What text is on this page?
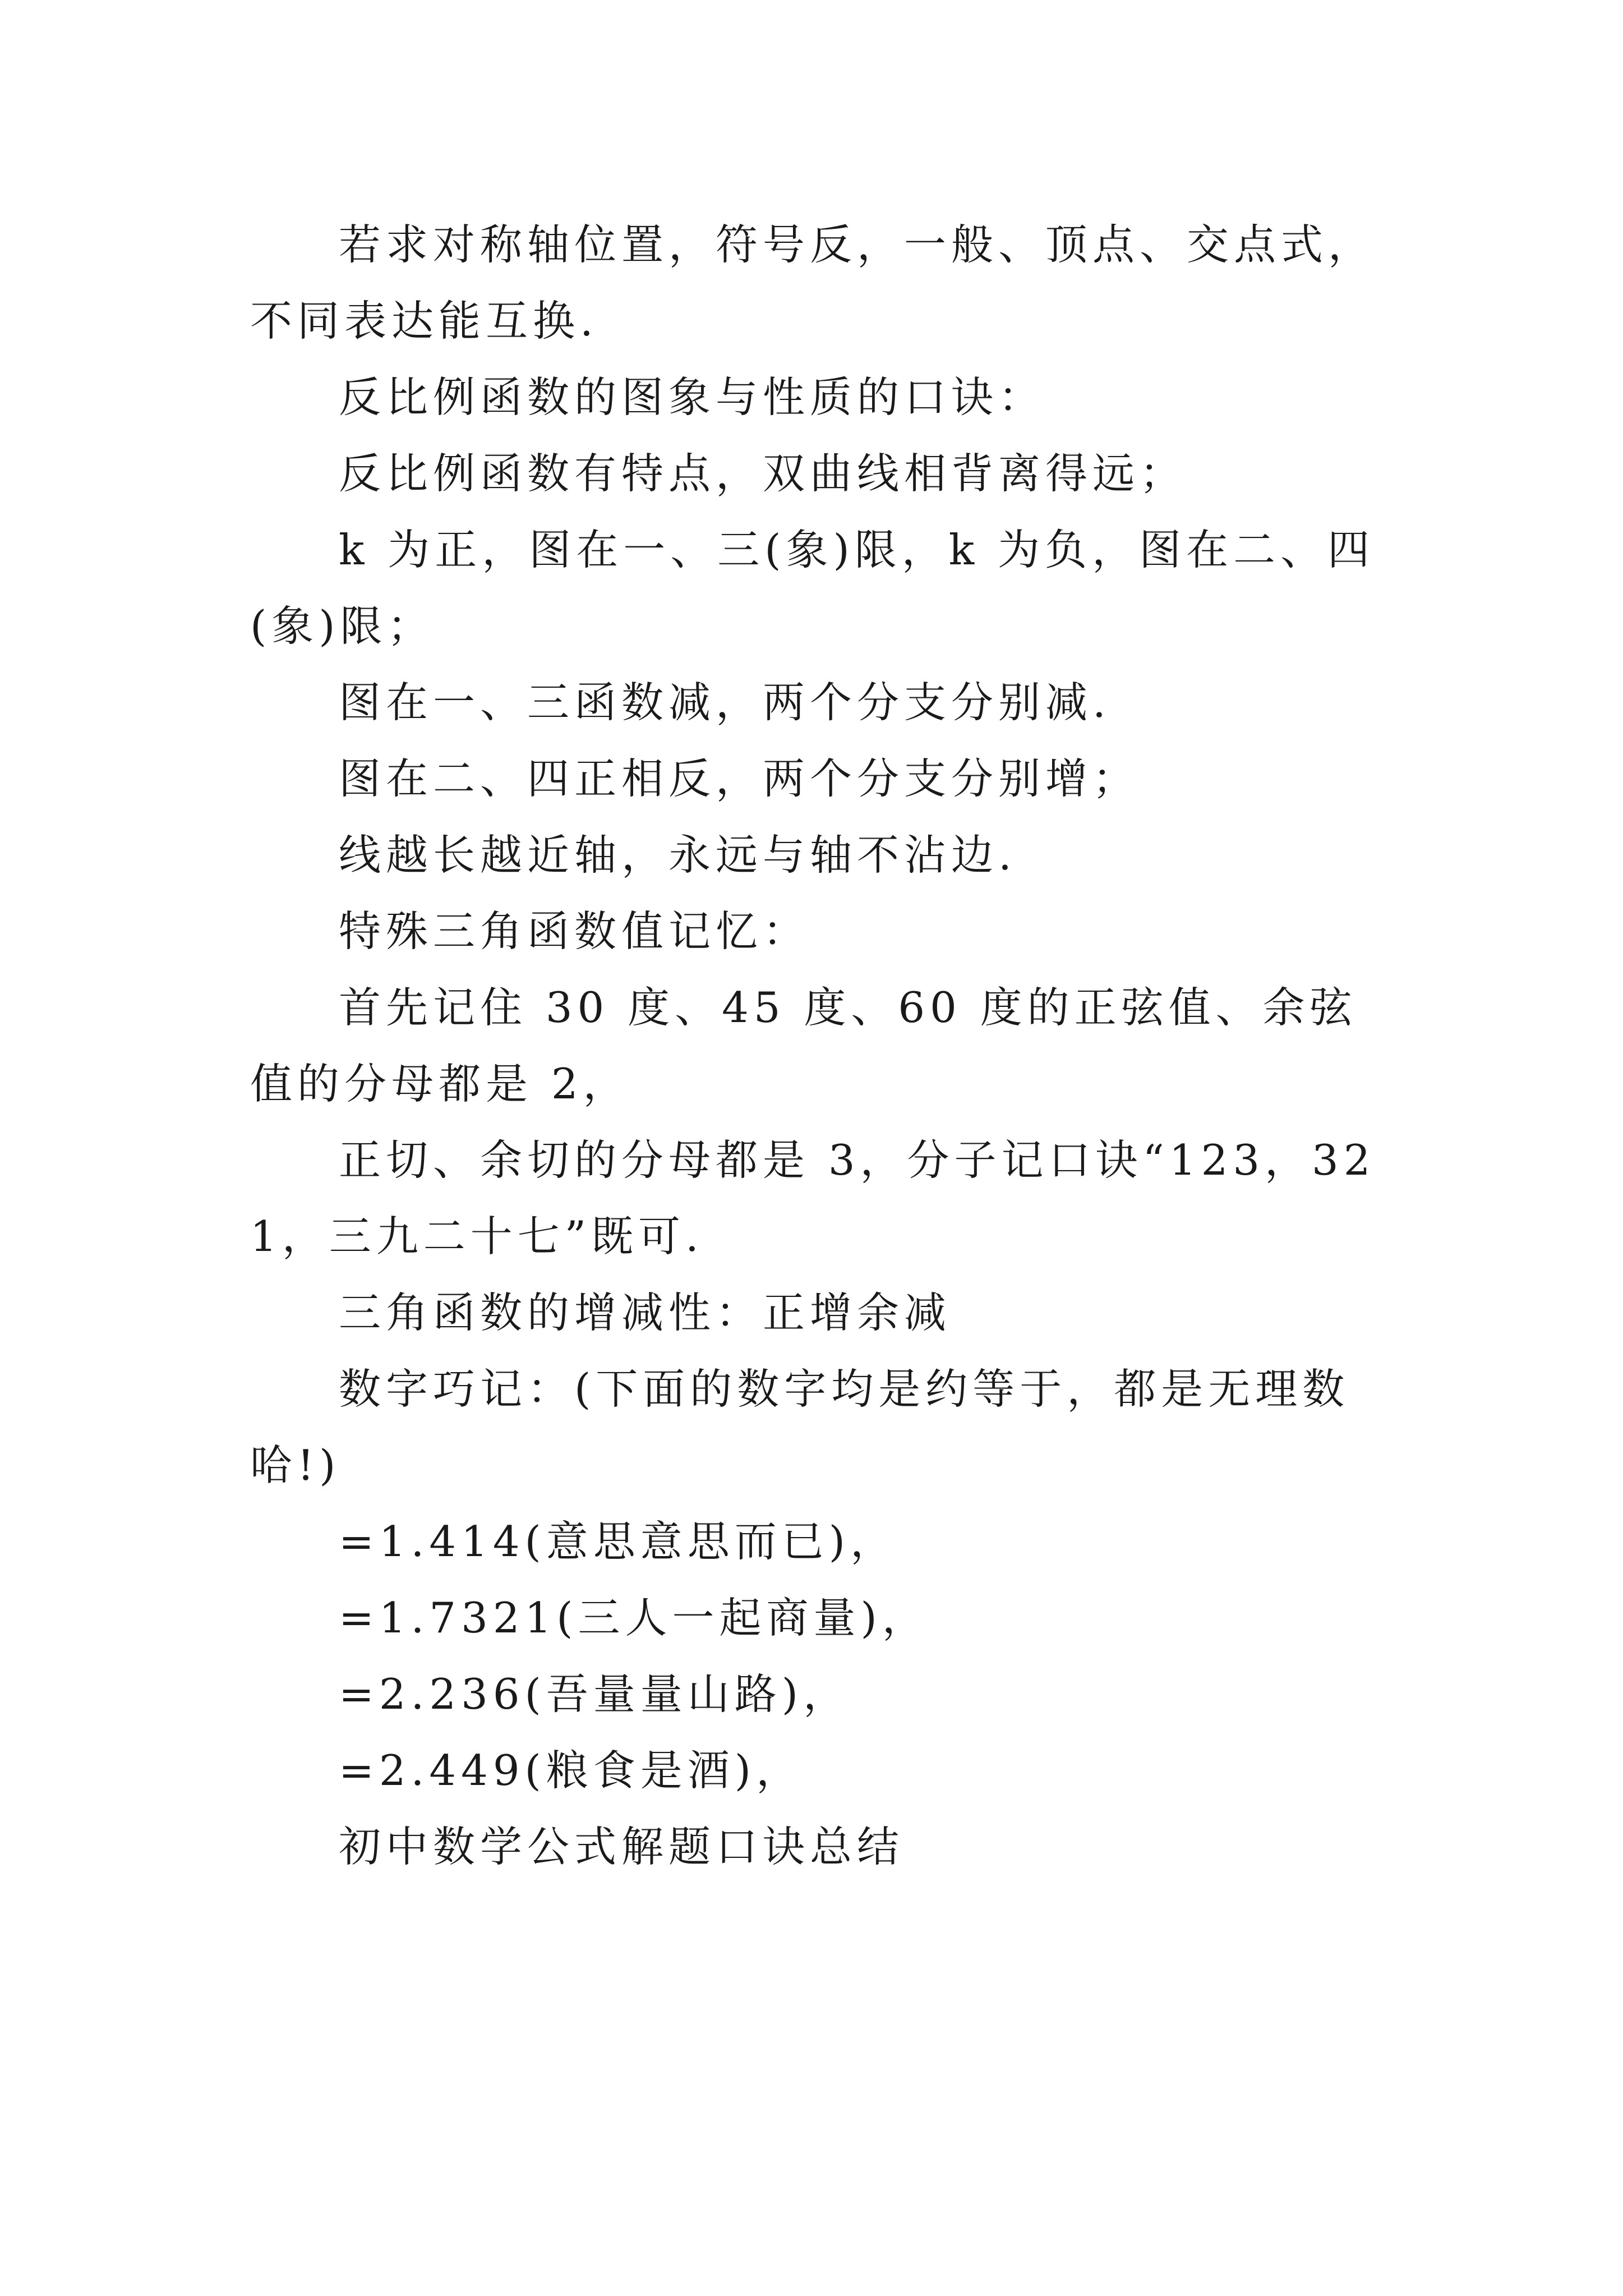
若求对称轴位置，符号反，一般、顶点、交点式，不同表达能互换.

反比例函数的图象与性质的口诀：

反比例函数有特点，双曲线相背离得远；

k 为正，图在一、三(象)限，k 为负，图在二、四(象)限；

图在一、三函数减，两个分支分别减.

图在二、四正相反，两个分支分别增；

线越长越近轴，永远与轴不沾边.

特殊三角函数值记忆：

首先记住 30 度、45 度、60 度的正弦值、余弦值的分母都是 2，

正切、余切的分母都是 3，分子记口诀“123，321，三九二十七”既可.

三角函数的增减性：正增余减

数字巧记：(下面的数字均是约等于，都是无理数哈!)

=1.414(意思意思而已)，

=1.7321(三人一起商量)，

=2.236(吾量量山路)，

=2.449(粮食是酒)，

初中数学公式解题口诀总结
